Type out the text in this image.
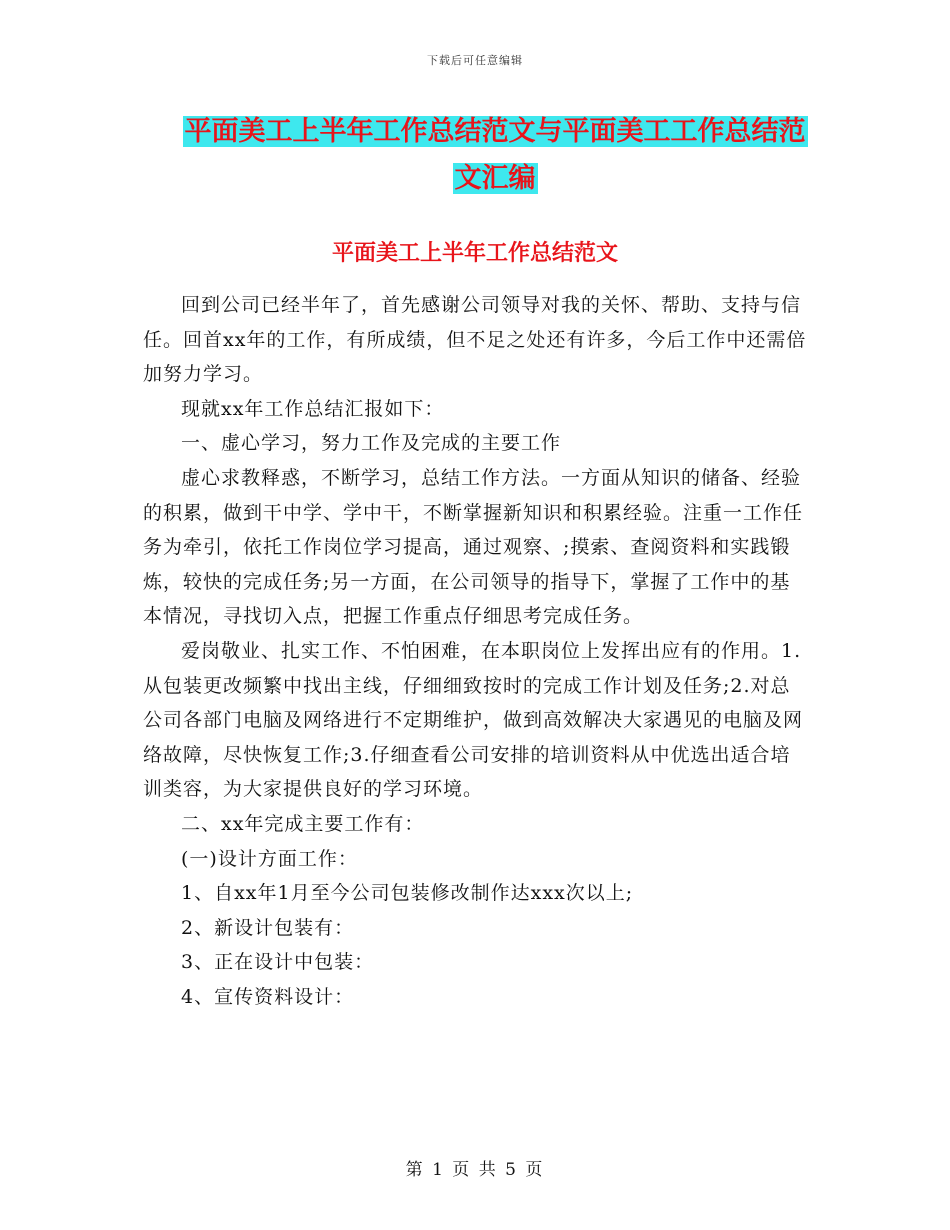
下载后可任意编辑
平面美工上半年工作总结范文与平面美工工作总结范
文汇编
平面美工上半年工作总结范文

回到公司已经半年了，首先感谢公司领导对我的关怀、帮助、支持与信任。回首xx年的工作，有所成绩，但不足之处还有许多，今后工作中还需倍加努力学习。

现就xx年工作总结汇报如下：

一、虚心学习，努力工作及完成的主要工作

虚心求教释惑，不断学习，总结工作方法。一方面从知识的储备、经验的积累，做到干中学、学中干，不断掌握新知识和积累经验。注重一工作任务为牵引，依托工作岗位学习提高，通过观察、;摸索、查阅资料和实践锻炼，较快的完成任务;另一方面，在公司领导的指导下，掌握了工作中的基本情况，寻找切入点，把握工作重点仔细思考完成任务。

爱岗敬业、扎实工作、不怕困难，在本职岗位上发挥出应有的作用。1.从包装更改频繁中找出主线，仔细细致按时的完成工作计划及任务;2.对总公司各部门电脑及网络进行不定期维护，做到高效解决大家遇见的电脑及网络故障，尽快恢复工作;3.仔细查看公司安排的培训资料从中优选出适合培训类容，为大家提供良好的学习环境。

二、xx年完成主要工作有：

(一)设计方面工作：

1、自xx年1月至今公司包装修改制作达xxx次以上;

2、新设计包装有：

3、正在设计中包装：

4、宣传资料设计：

第 1 页 共 5 页
